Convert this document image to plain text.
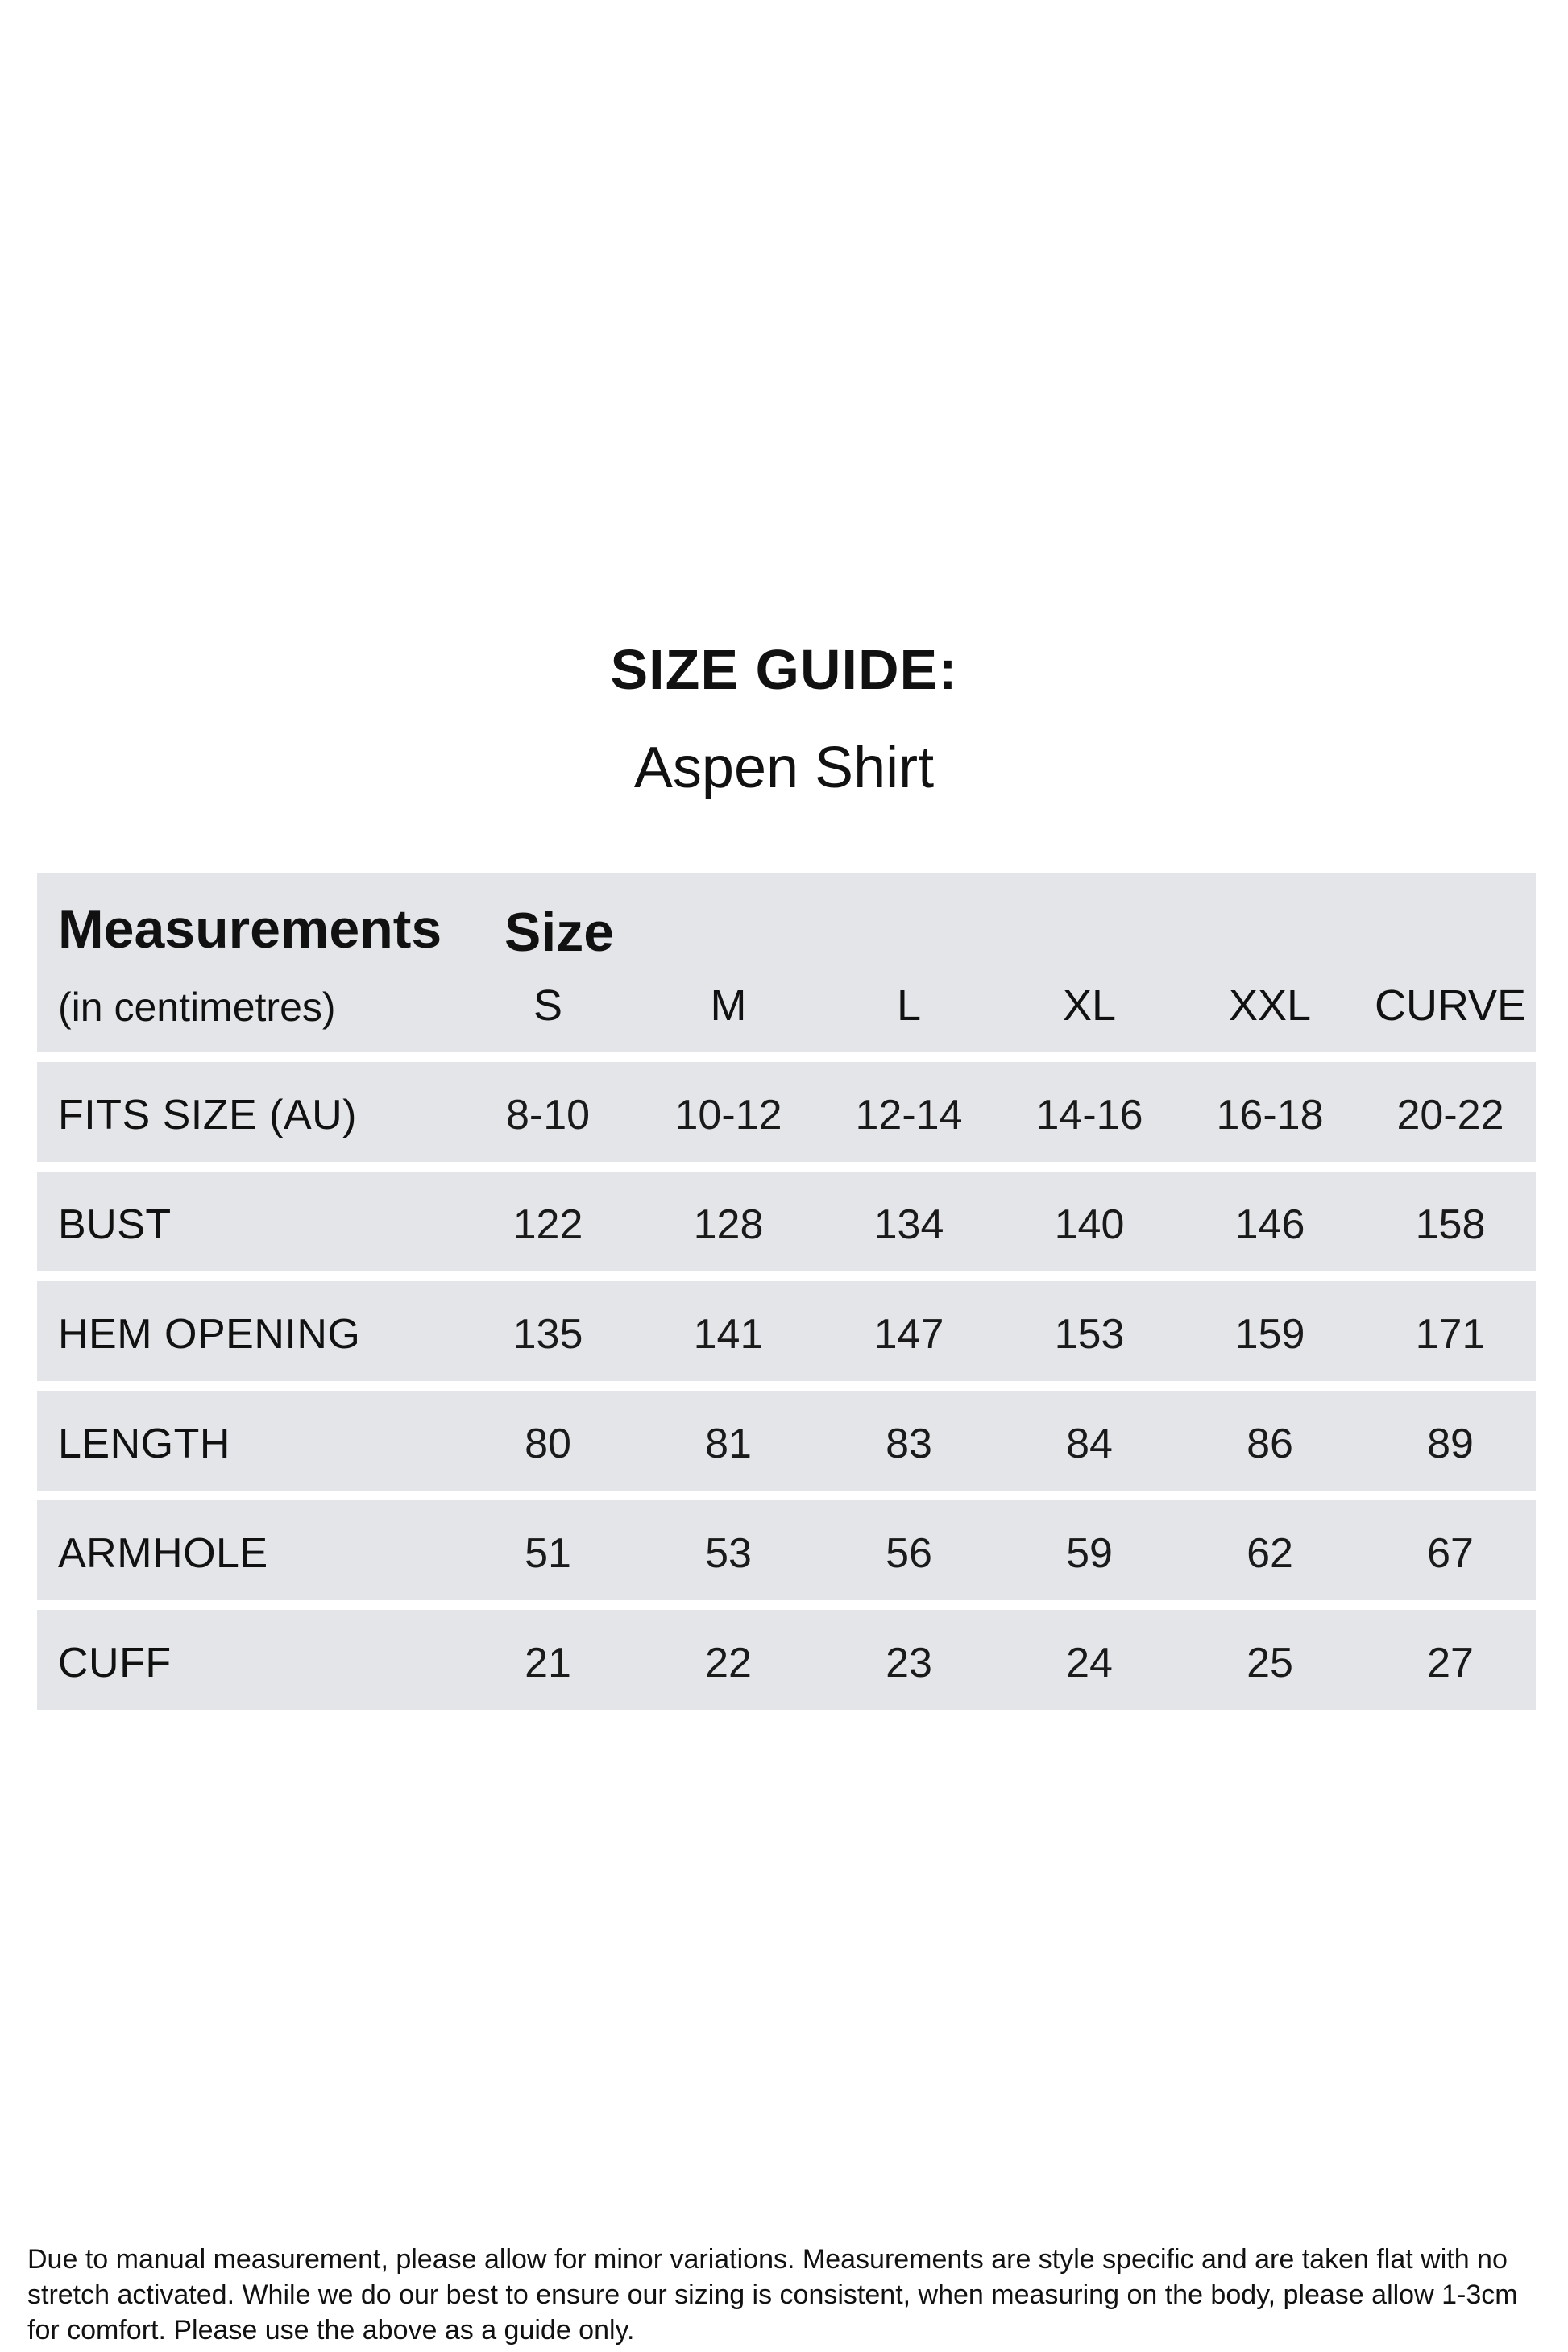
SIZE GUIDE:
Aspen Shirt
Measurements
(in centimetres)
Size
S	M	L	XL	XXL	CURVE
FITS SIZE (AU)	8-10	10-12	12-14	14-16	16-18	20-22
BUST	122	128	134	140	146	158
HEM OPENING	135	141	147	153	159	171
LENGTH	80	81	83	84	86	89
ARMHOLE	51	53	56	59	62	67
CUFF	21	22	23	24	25	27
Due to manual measurement, please allow for minor variations. Measurements are style specific and are taken flat with no stretch activated. While we do our best to ensure our sizing is consistent, when measuring on the body, please allow 1-3cm for comfort. Please use the above as a guide only.
